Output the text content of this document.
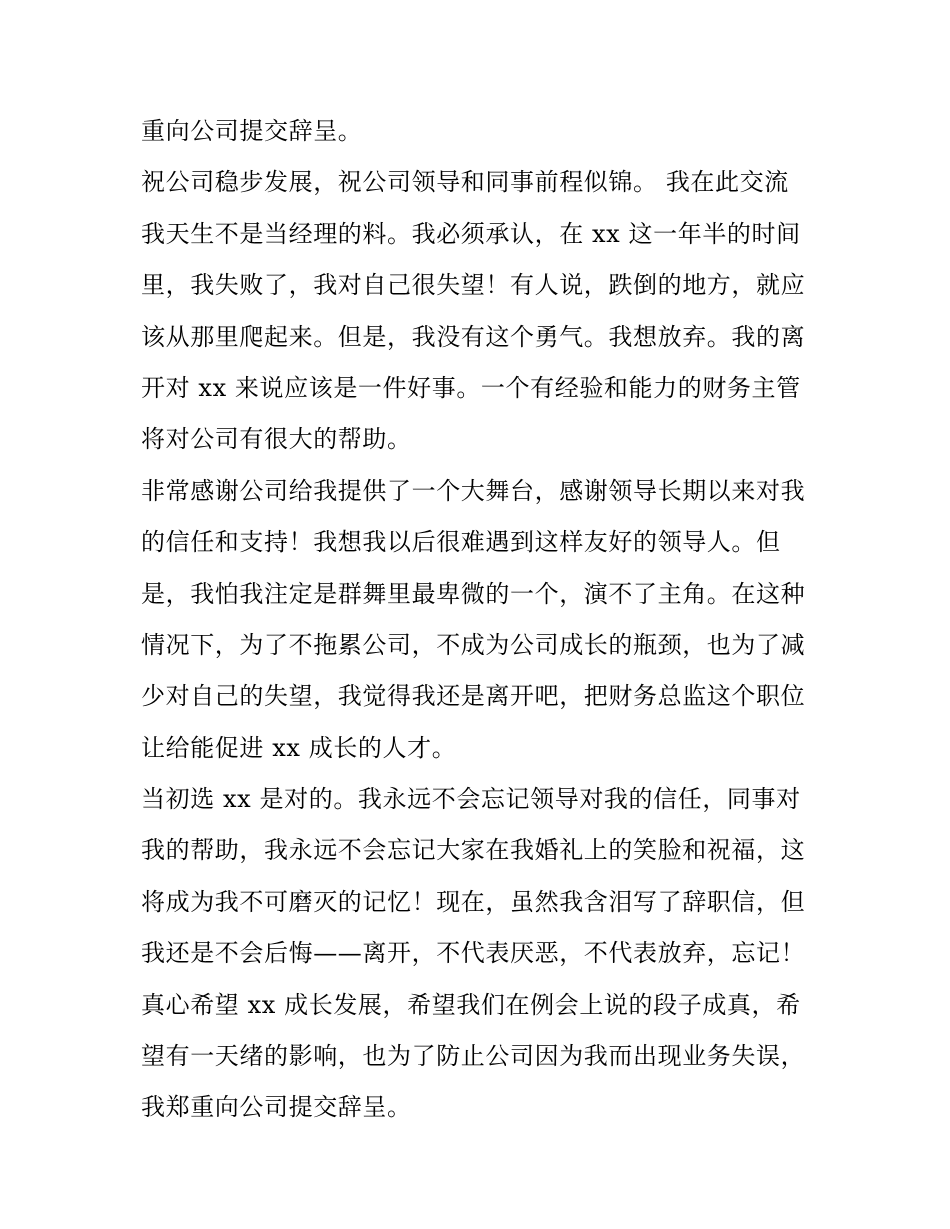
重向公司提交辞呈。
祝公司稳步发展，祝公司领导和同事前程似锦。 我在此交流
我天生不是当经理的料。我必须承认，在 xx 这一年半的时间
里，我失败了，我对自己很失望！有人说，跌倒的地方，就应
该从那里爬起来。但是，我没有这个勇气。我想放弃。我的离
开对 xx 来说应该是一件好事。一个有经验和能力的财务主管
将对公司有很大的帮助。
非常感谢公司给我提供了一个大舞台，感谢领导长期以来对我
的信任和支持！我想我以后很难遇到这样友好的领导人。但
是，我怕我注定是群舞里最卑微的一个，演不了主角。在这种
情况下，为了不拖累公司，不成为公司成长的瓶颈，也为了减
少对自己的失望，我觉得我还是离开吧，把财务总监这个职位
让给能促进 xx 成长的人才。
当初选 xx 是对的。我永远不会忘记领导对我的信任，同事对
我的帮助，我永远不会忘记大家在我婚礼上的笑脸和祝福，这
将成为我不可磨灭的记忆！现在，虽然我含泪写了辞职信，但
我还是不会后悔——离开，不代表厌恶，不代表放弃，忘记！
真心希望 xx 成长发展，希望我们在例会上说的段子成真，希
望有一天绪的影响，也为了防止公司因为我而出现业务失误，
我郑重向公司提交辞呈。
